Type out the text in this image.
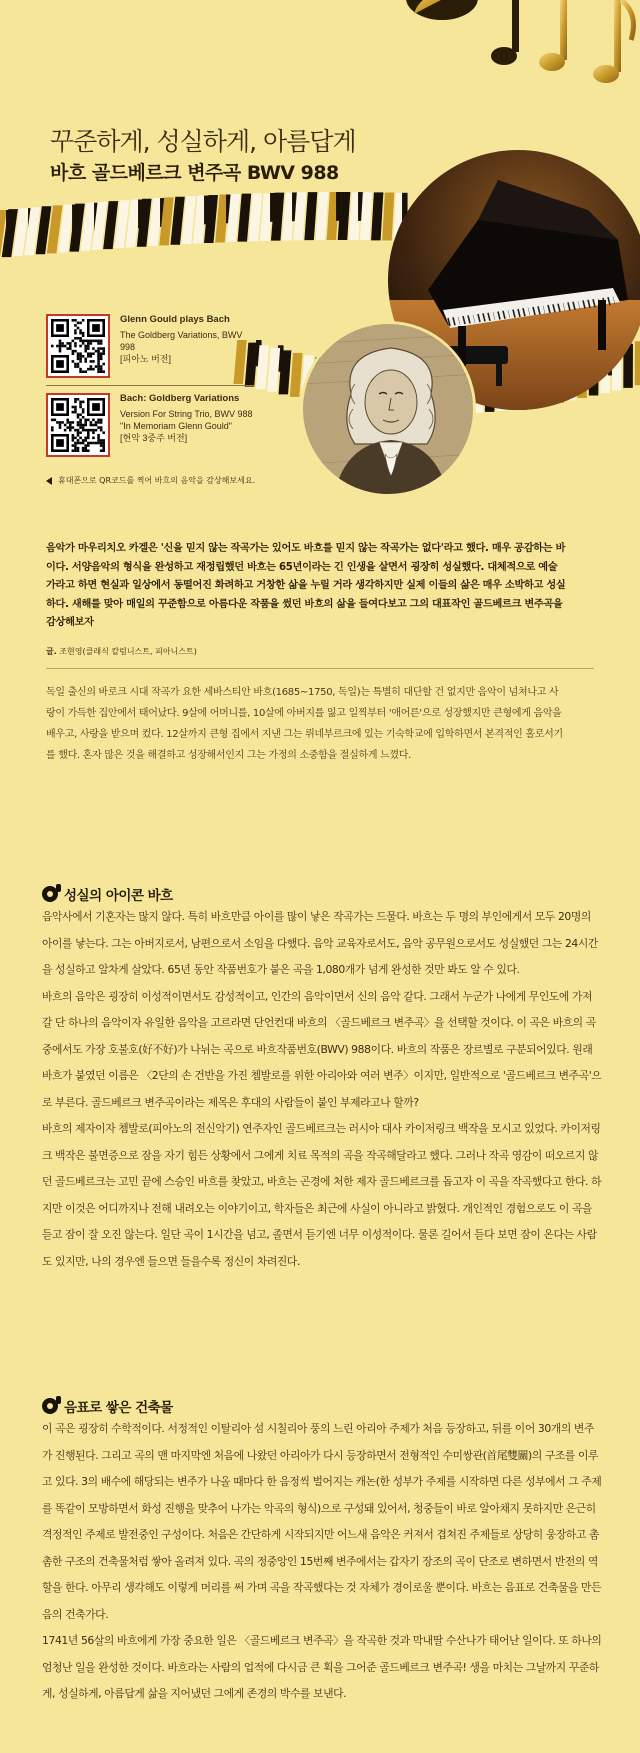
꾸준하게, 성실하게, 아름답게
바흐 골드베르크 변주곡 BWV 988
Glenn Gould plays Bach
The Goldberg Variations, BWV
998
[피아노 버전]
Bach: Goldberg Variations
Version For String Trio, BWV 988
"In Memoriam Glenn Gould"
[현악 3중주 버전]
휴대폰으로 QR코드를 찍어 바흐의 음악을 감상해보세요.

음악가 마우리치오 카겔은 '신을 믿지 않는 작곡가는 있어도 바흐를 믿지 않는 작곡가는 없다'라고 했다. 매우 공감하는 바이다. 서양음악의 형식을 완성하고 재정립했던 바흐는 65년이라는 긴 인생을 살면서 굉장히 성실했다. 대체적으로 예술가라고 하면 현실과 일상에서 동떨어진 화려하고 거창한 삶을 누릴 거라 생각하지만 실제 이들의 삶은 매우 소박하고 성실하다. 새해를 맞아 매일의 꾸준함으로 아름다운 작품을 썼던 바흐의 삶을 들여다보고 그의 대표작인 골드베르크 변주곡을 감상해보자

글. 조현영(클래식 칼럼니스트, 피아니스트)

독일 출신의 바로크 시대 작곡가 요한 세바스티안 바흐(1685~1750, 독일)는 특별히 대단할 건 없지만 음악이 넘쳐나고 사랑이 가득한 집안에서 태어났다. 9살에 어머니를, 10살에 아버지를 잃고 일찍부터 '애어른'으로 성장했지만 큰형에게 음악을 배우고, 사랑을 받으며 컸다. 12살까지 큰형 집에서 지낸 그는 뤼네부르크에 있는 기숙학교에 입학하면서 본격적인 홀로서기를 했다. 혼자 많은 것을 해결하고 성장해서인지 그는 가정의 소중함을 절실하게 느꼈다.

성실의 아이콘 바흐

음악사에서 기혼자는 많지 않다. 특히 바흐만큼 아이를 많이 낳은 작곡가는 드물다. 바흐는 두 명의 부인에게서 모두 20명의 아이를 낳는다. 그는 아버지로서, 남편으로서 소임을 다했다. 음악 교육자로서도, 음악 공무원으로서도 성실했던 그는 24시간을 성실하고 알차게 살았다. 65년 동안 작품번호가 붙은 곡을 1,080개가 넘게 완성한 것만 봐도 알 수 있다.

바흐의 음악은 굉장히 이성적이면서도 감성적이고, 인간의 음악이면서 신의 음악 같다. 그래서 누군가 나에게 무인도에 가져갈 단 하나의 음악이자 유일한 음악을 고르라면 단언컨대 바흐의 〈골드베르크 변주곡〉을 선택할 것이다. 이 곡은 바흐의 곡 중에서도 가장 호불호(好不好)가 나뉘는 곡으로 바흐작품번호(BWV) 988이다. 바흐의 작품은 장르별로 구분되어있다. 원래 바흐가 붙였던 이름은 〈2단의 손 건반을 가진 쳄발로를 위한 아리아와 여러 변주〉이지만, 일반적으로 '골드베르크 변주곡'으로 부른다. 골드베르크 변주곡이라는 제목은 후대의 사람들이 붙인 부제라고나 할까?

바흐의 제자이자 쳄발로(피아노의 전신악기) 연주자인 골드베르크는 러시아 대사 카이저링크 백작을 모시고 있었다. 카이저링크 백작은 불면증으로 잠을 자기 힘든 상황에서 그에게 치료 목적의 곡을 작곡해달라고 했다. 그러나 작곡 영감이 떠오르지 않던 골드베르크는 고민 끝에 스승인 바흐를 찾았고, 바흐는 곤경에 처한 제자 골드베르크를 돕고자 이 곡을 작곡했다고 한다. 하지만 이것은 어디까지나 전해 내려오는 이야기이고, 학자들은 최근에 사실이 아니라고 밝혔다. 개인적인 경험으로도 이 곡을 듣고 잠이 잘 오진 않는다. 일단 곡이 1시간을 넘고, 졸면서 듣기엔 너무 이성적이다. 물론 길어서 듣다 보면 잠이 온다는 사람도 있지만, 나의 경우엔 들으면 들을수록 정신이 차려진다.

음표로 쌓은 건축물

이 곡은 굉장히 수학적이다. 서정적인 이탈리아 섬 시칠리아 풍의 느린 아리아 주제가 처음 등장하고, 뒤를 이어 30개의 변주가 진행된다. 그리고 곡의 맨 마지막엔 처음에 나왔던 아리아가 다시 등장하면서 전형적인 수미쌍관(首尾雙關)의 구조를 이루고 있다. 3의 배수에 해당되는 변주가 나올 때마다 한 음정씩 벌어지는 캐논(한 성부가 주제를 시작하면 다른 성부에서 그 주제를 똑같이 모방하면서 화성 진행을 맞추어 나가는 악곡의 형식)으로 구성돼 있어서, 청중들이 바로 알아채지 못하지만 은근히 격정적인 주제로 발전중인 구성이다. 처음은 간단하게 시작되지만 어느새 음악은 커져서 겹쳐진 주제들로 상당히 웅장하고 촘촘한 구조의 건축물처럼 쌓아 올려져 있다. 곡의 정중앙인 15번째 변주에서는 갑자기 장조의 곡이 단조로 변하면서 반전의 역할을 한다. 아무리 생각해도 이렇게 머리를 써 가며 곡을 작곡했다는 것 자체가 경이로울 뿐이다. 바흐는 음표로 건축물을 만든 음의 건축가다.

1741년 56살의 바흐에게 가장 중요한 일은 〈골드베르크 변주곡〉을 작곡한 것과 막내딸 수산나가 태어난 일이다. 또 하나의 엄청난 일을 완성한 것이다. 바흐라는 사람의 업적에 다시금 큰 획을 그어준 골드베르크 변주곡! 생을 마치는 그날까지 꾸준하게, 성실하게, 아름답게 삶을 지어냈던 그에게 존경의 박수를 보낸다.
